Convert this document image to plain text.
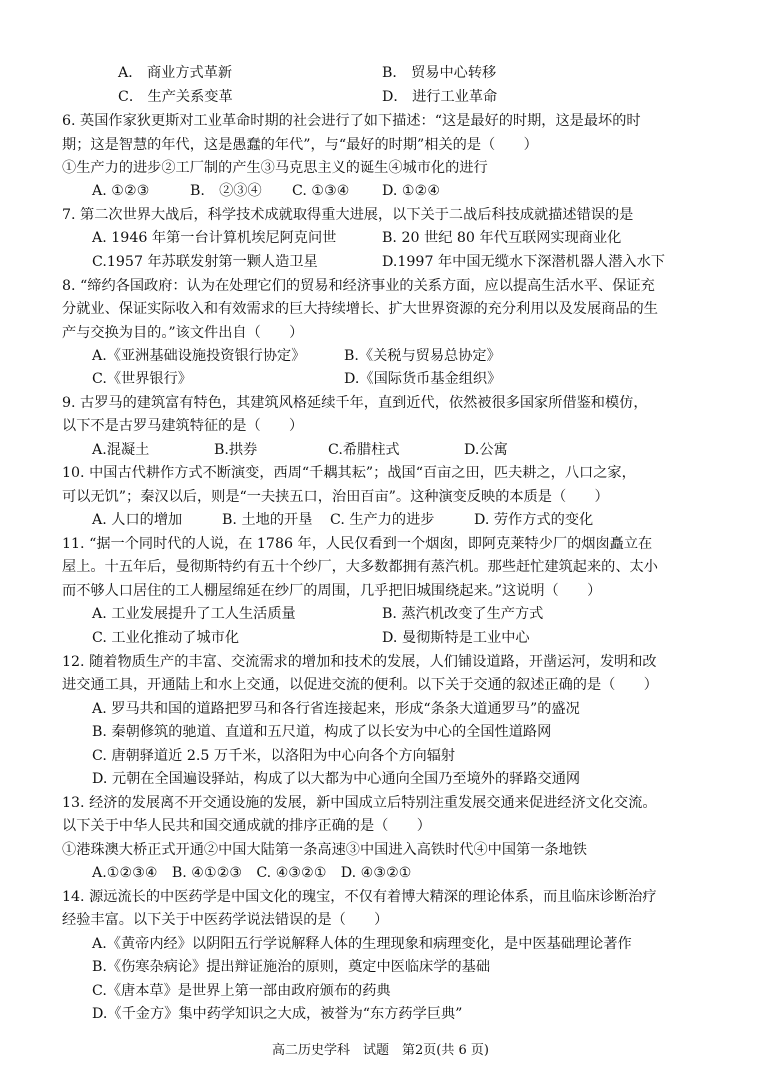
A． 商业方式革新	B． 贸易中心转移
C． 生产关系变革	D． 进行工业革命
6. 英国作家狄更斯对工业革命时期的社会进行了如下描述：“这是最好的时期，这是最坏的时
期；这是智慧的年代，这是愚蠢的年代”，与“最好的时期”相关的是（　　）
①生产力的进步②工厂制的产生③马克思主义的诞生④城市化的进行
A. ①②③	B.　②③④ C. ①③④ D. ①②④
7. 第二次世界大战后，科学技术成就取得重大进展，以下关于二战后科技成就描述错误的是
A. 1946 年第一台计算机埃尼阿克问世	B. 20 世纪 80 年代互联网实现商业化
C.1957 年苏联发射第一颗人造卫星	D.1997 年中国无缆水下深潜机器人潜入水下
8. “缔约各国政府：认为在处理它们的贸易和经济事业的关系方面，应以提高生活水平、保证充
分就业、保证实际收入和有效需求的巨大持续增长、扩大世界资源的充分利用以及发展商品的生
产与交换为目的。”该文件出自（　　）
A.《亚洲基础设施投资银行协定》	B.《关税与贸易总协定》
C.《世界银行》	D.《国际货币基金组织》
9. 古罗马的建筑富有特色，其建筑风格延续千年，直到近代，依然被很多国家所借鉴和模仿，
以下不是古罗马建筑特征的是（　　）
A.混凝土	B.拱券	C.希腊柱式	D.公寓
10. 中国古代耕作方式不断演变，西周“千耦其耘”；战国“百亩之田，匹夫耕之，八口之家，
可以无饥”；秦汉以后，则是“一夫挟五口，治田百亩”。这种演变反映的本质是（　　）
A. 人口的增加	B. 土地的开垦 C. 生产力的进步	D. 劳作方式的变化
11. “据一个同时代的人说，在 1786 年，人民仅看到一个烟囱，即阿克莱特少厂的烟囱矗立在
屋上。十五年后，曼彻斯特约有五十个纱厂，大多数都拥有蒸汽机。那些赶忙建筑起来的、太小
而不够人口居住的工人棚屋绵延在纱厂的周围，几乎把旧城围绕起来。”这说明（　　）
A. 工业发展提升了工人生活质量	B. 蒸汽机改变了生产方式
C. 工业化推动了城市化	D. 曼彻斯特是工业中心
12. 随着物质生产的丰富、交流需求的增加和技术的发展，人们铺设道路，开凿运河，发明和改
进交通工具，开通陆上和水上交通，以促进交流的便利。以下关于交通的叙述正确的是（　　）
A. 罗马共和国的道路把罗马和各行省连接起来，形成“条条大道通罗马”的盛况
B. 秦朝修筑的驰道、直道和五尺道，构成了以长安为中心的全国性道路网
C. 唐朝驿道近 2.5 万千米，以洛阳为中心向各个方向辐射
D. 元朝在全国遍设驿站，构成了以大都为中心通向全国乃至境外的驿路交通网
13. 经济的发展离不开交通设施的发展，新中国成立后特别注重发展交通来促进经济文化交流。
以下关于中华人民共和国交通成就的排序正确的是（　　）
①港珠澳大桥正式开通②中国大陆第一条高速③中国进入高铁时代④中国第一条地铁
A.①②③④　B. ④①②③　C. ④③②①　D. ④③②①
14. 源远流长的中医药学是中国文化的瑰宝，不仅有着博大精深的理论体系，而且临床诊断治疗
经验丰富。以下关于中医药学说法错误的是（　　）
A.《黄帝内经》以阴阳五行学说解释人体的生理现象和病理变化，是中医基础理论著作
B.《伤寒杂病论》提出辩证施治的原则，奠定中医临床学的基础
C.《唐本草》是世界上第一部由政府颁布的药典
D.《千金方》集中药学知识之大成，被誉为“东方药学巨典”
高二历史学科　试题　第2页(共 6 页)
